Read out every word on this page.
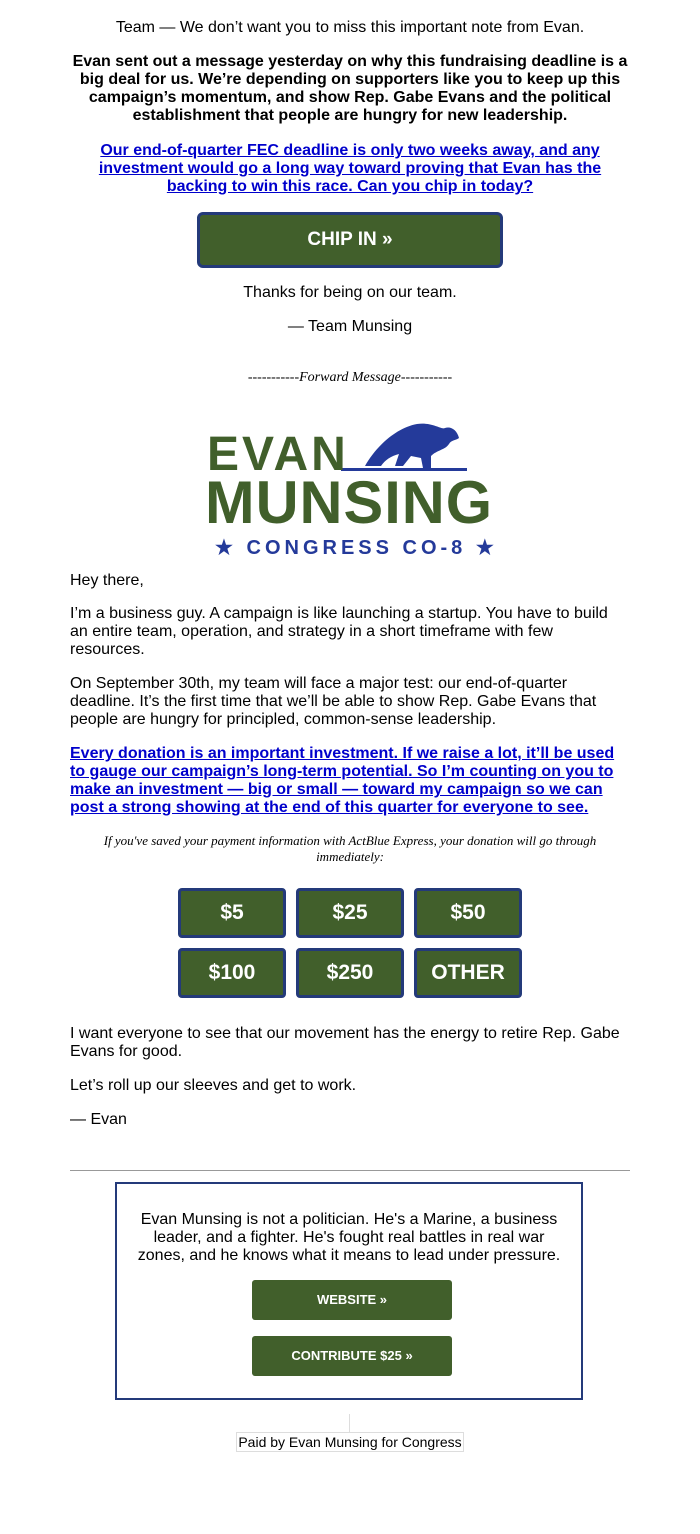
Team — We don’t want you to miss this important note from Evan.

Evan sent out a message yesterday on why this fundraising deadline is a big deal for us. We’re depending on supporters like you to keep up this campaign’s momentum, and show Rep. Gabe Evans and the political establishment that people are hungry for new leadership.

Our end-of-quarter FEC deadline is only two weeks away, and any investment would go a long way toward proving that Evan has the backing to win this race. Can you chip in today?
CHIP IN »

Thanks for being on our team.

— Team Munsing

-----------Forward Message-----------

EVAN
MUNSING
★ CONGRESS CO-8 ★

Hey there,

I’m a business guy. A campaign is like launching a startup. You have to build an entire team, operation, and strategy in a short timeframe with few resources.

On September 30th, my team will face a major test: our end-of-quarter deadline. It’s the first time that we’ll be able to show Rep. Gabe Evans that people are hungry for principled, common-sense leadership.

Every donation is an important investment. If we raise a lot, it’ll be used to gauge our campaign’s long-term potential. So I’m counting on you to make an investment — big or small — toward my campaign so we can post a strong showing at the end of this quarter for everyone to see.

If you've saved your payment information with ActBlue Express, your donation will go through immediately:

$5	$25	$50
$100	$250	OTHER

I want everyone to see that our movement has the energy to retire Rep. Gabe Evans for good.

Let’s roll up our sleeves and get to work.

— Evan

Evan Munsing is not a politician. He's a Marine, a business leader, and a fighter. He's fought real battles in real war zones, and he knows what it means to lead under pressure.

WEBSITE »
CONTRIBUTE $25 »
Paid by Evan Munsing for Congress
